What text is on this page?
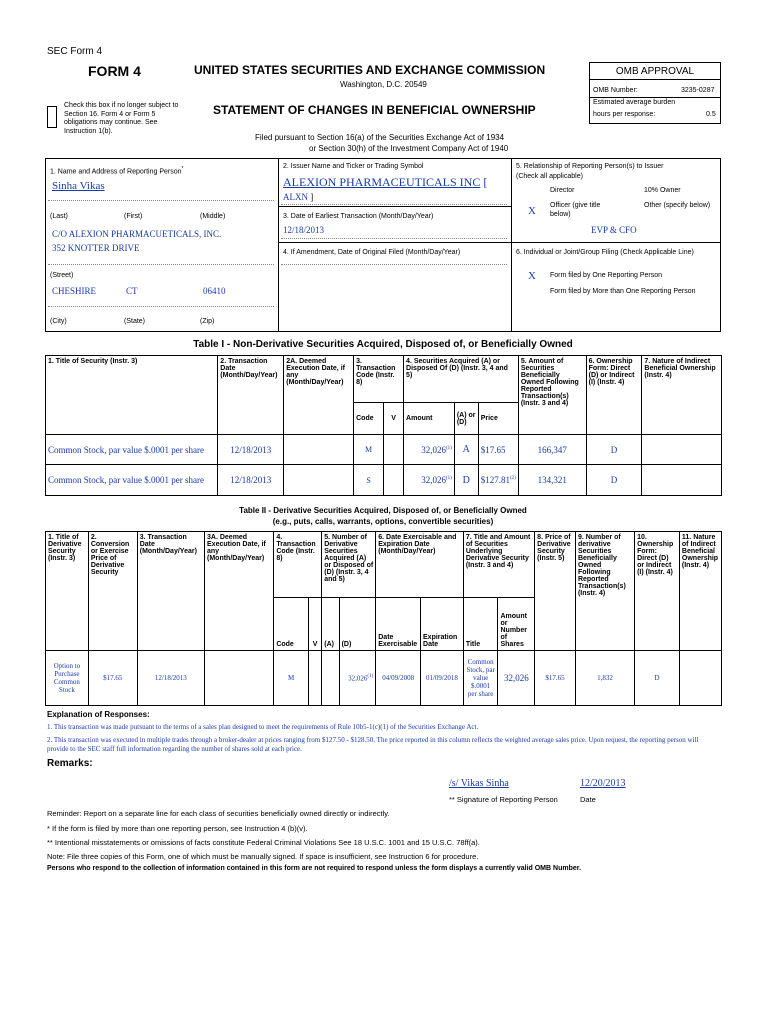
SEC Form 4
FORM 4	UNITED STATES SECURITIES AND EXCHANGE COMMISSION
Washington, D.C. 20549
Check this box if no longer subject to Section 16. Form 4 or Form 5 obligations may continue. See Instruction 1(b).
STATEMENT OF CHANGES IN BENEFICIAL OWNERSHIP
Filed pursuant to Section 16(a) of the Securities Exchange Act of 1934
or Section 30(h) of the Investment Company Act of 1940
OMB APPROVAL
OMB Number:	3235-0287
Estimated average burden
hours per response:	0.5
1. Name and Address of Reporting Person*
Sinha Vikas
(Last)	(First)	(Middle)
C/O ALEXION PHARMACUETICALS, INC.
352 KNOTTER DRIVE
(Street)
CHESHIRE	CT	06410
(City)	(State)	(Zip)
2. Issuer Name and Ticker or Trading Symbol
ALEXION PHARMACEUTICALS INC [
ALXN ]
3. Date of Earliest Transaction (Month/Day/Year)
12/18/2013
4. If Amendment, Date of Original Filed (Month/Day/Year)
5. Relationship of Reporting Person(s) to Issuer
(Check all applicable)
Director	10% Owner
X Officer (give title below)
Other (specify below)
EVP & CFO
6. Individual or Joint/Group Filing (Check Applicable Line)
X Form filed by One Reporting Person
Form filed by More than One Reporting Person
Table I - Non-Derivative Securities Acquired, Disposed of, or Beneficially Owned
1. Title of Security (Instr. 3)	2. Transaction Date (Month/Day/Year)	2A. Deemed Execution Date, if any (Month/Day/Year)	3. Transaction Code (Instr. 8)		4. Securities Acquired (A) or Disposed Of (D) (Instr. 3, 4 and 5)			5. Amount of Securities Beneficially Owned Following Reported Transaction(s) (Instr. 3 and 4)	6. Ownership Form: Direct (D) or Indirect (I) (Instr. 4)	7. Nature of Indirect Beneficial Ownership (Instr. 4)
			Code	V	Amount	(A) or (D)	Price			
Common Stock, par value $.0001 per share	12/18/2013		M		32,026$^{(1)}$	A	$17.65	166,347	D	
Common Stock, par value $.0001 per share	12/18/2013		S		32,026$^{(1)}$	D	$127.81$^{(2)}$	134,321	D	
Table II - Derivative Securities Acquired, Disposed of, or Beneficially Owned
(e.g., puts, calls, warrants, options, convertible securities)
1. Title of Derivative Security (Instr. 3)	2. Conversion or Exercise Price of Derivative Security	3. Transaction Date (Month/Day/Year)	3A. Deemed Execution Date, if any (Month/Day/Year)	4. Transaction Code (Instr. 8)		5. Number of Derivative Securities Acquired (A) or Disposed of (D) (Instr. 3, 4 and 5)		6. Date Exercisable and Expiration Date (Month/Day/Year)		7. Title and Amount of Securities Underlying Derivative Security (Instr. 3 and 4)		8. Price of Derivative Security (Instr. 5)	9. Number of derivative Securities Beneficially Owned Following Reported Transaction(s) (Instr. 4)	10. Ownership Form: Direct (D) or Indirect (I) (Instr. 4)	11. Nature of Indirect Beneficial Ownership (Instr. 4)
				Code	V	(A)	(D)	Date Exercisable	Expiration Date	Title	Amount or Number of Shares				
Option to Purchase Common Stock	$17.65	12/18/2013		M			32,026$^{(1)}$	04/09/2008	01/09/2018	Common Stock, par value $.0001 per share	32,026	$17.65	1,832	D	
Explanation of Responses:
1. This transaction was made pursuant to the terms of a sales plan designed to meet the requirements of Rule 10b5-1(c)(1) of the Securities Exchange Act.
2. This transaction was executed in multiple trades through a broker-dealer at prices ranging from $127.50 - $128.50. The price reported in this column reflects the weighted average sales price. Upon request, the reporting person will provide to the SEC staff full information regarding the number of shares sold at each price.
Remarks:
/s/ Vikas Sinha	12/20/2013
** Signature of Reporting Person	Date
Reminder: Report on a separate line for each class of securities beneficially owned directly or indirectly.
* If the form is filed by more than one reporting person, see Instruction 4 (b)(v).
** Intentional misstatements or omissions of facts constitute Federal Criminal Violations See 18 U.S.C. 1001 and 15 U.S.C. 78ff(a).
Note: File three copies of this Form, one of which must be manually signed. If space is insufficient, see Instruction 6 for procedure.
Persons who respond to the collection of information contained in this form are not required to respond unless the form displays a currently valid OMB Number.
